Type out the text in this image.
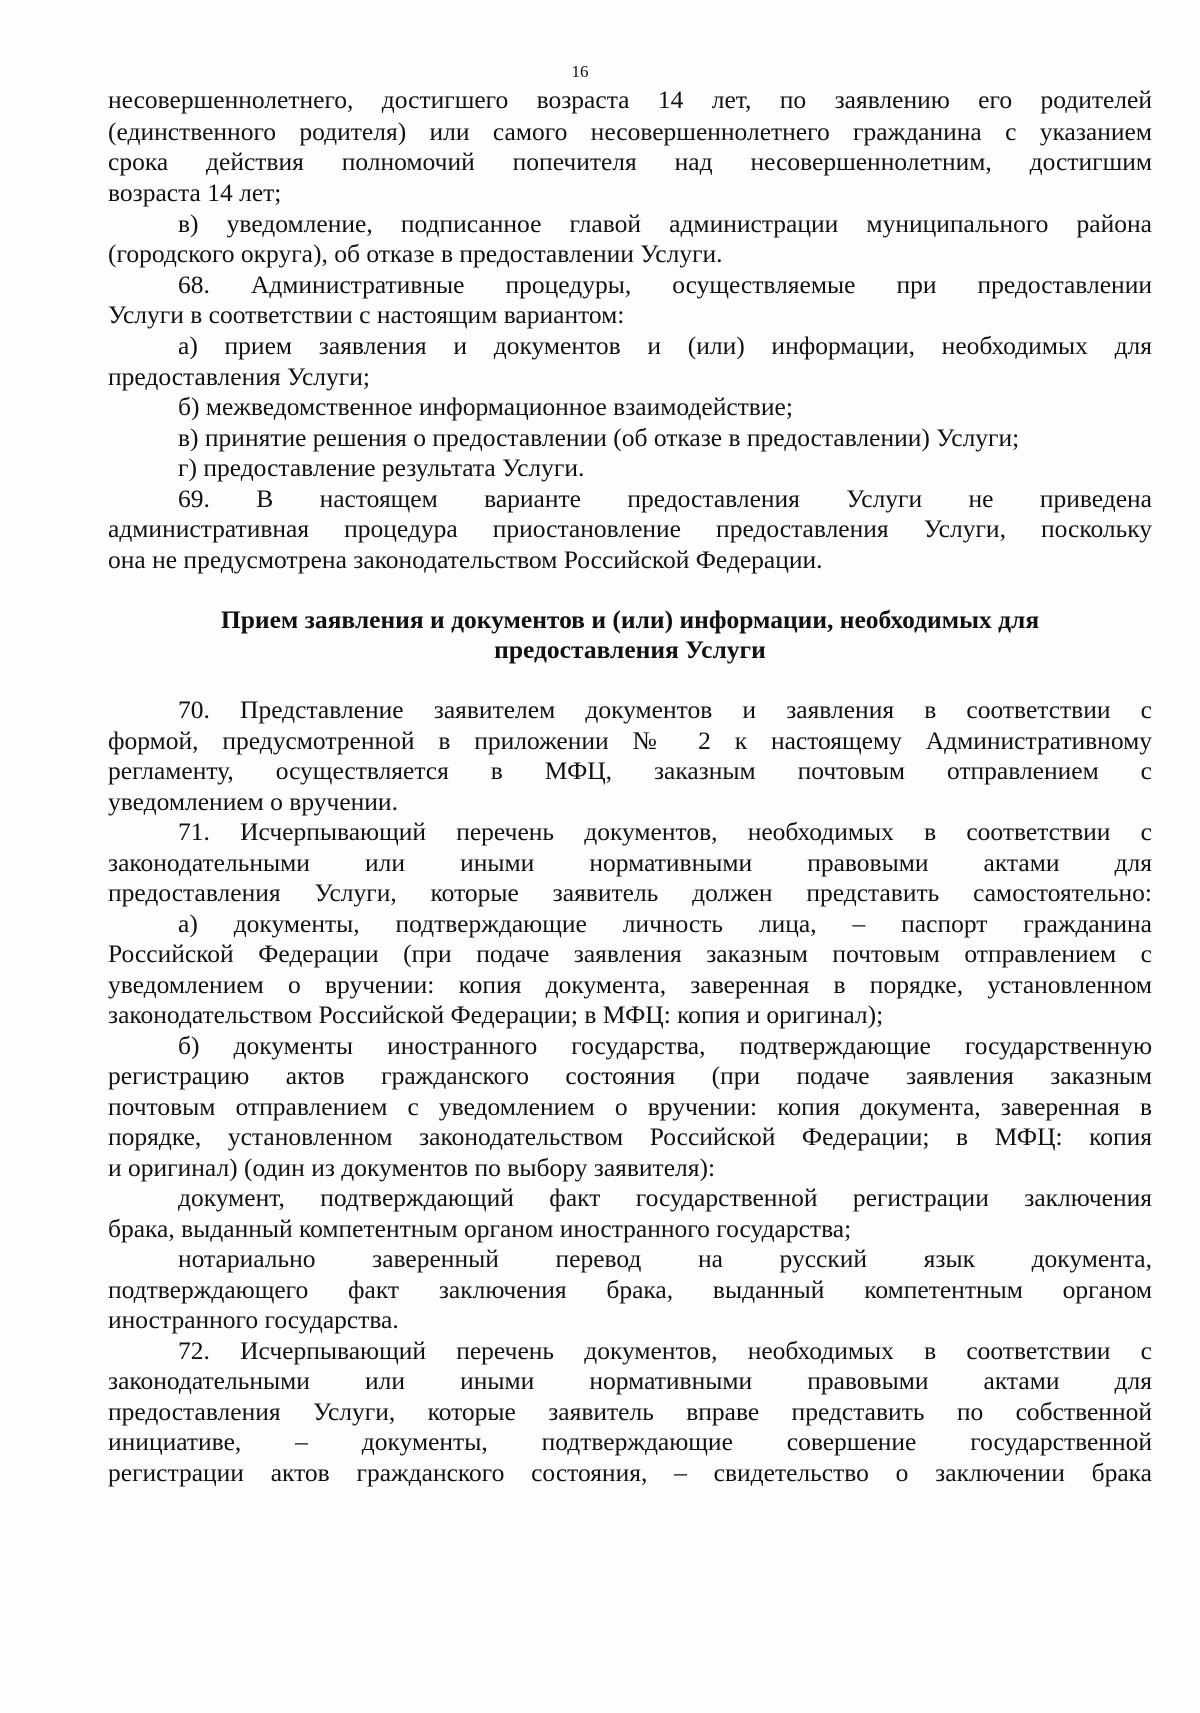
16
несовершеннолетнего, достигшего возраста 14 лет, по заявлению его родителей
(единственного родителя) или самого несовершеннолетнего гражданина с указанием
срока действия полномочий попечителя над несовершеннолетним, достигшим
возраста 14 лет;
в) уведомление, подписанное главой администрации муниципального района
(городского округа), об отказе в предоставлении Услуги.
68. Административные процедуры, осуществляемые при предоставлении
Услуги в соответствии с настоящим вариантом:
а) прием заявления и документов и (или) информации, необходимых для
предоставления Услуги;
б) межведомственное информационное взаимодействие;
в) принятие решения о предоставлении (об отказе в предоставлении) Услуги;
г) предоставление результата Услуги.
69. В настоящем варианте предоставления Услуги не приведена
административная процедура приостановление предоставления Услуги, поскольку
она не предусмотрена законодательством Российской Федерации.
Прием заявления и документов и (или) информации, необходимых для
предоставления Услуги
70. Представление заявителем документов и заявления в соответствии с
формой, предусмотренной в приложении № 2 к настоящему Административному
регламенту, осуществляется в МФЦ, заказным почтовым отправлением с
уведомлением о вручении.
71. Исчерпывающий перечень документов, необходимых в соответствии с
законодательными или иными нормативными правовыми актами для
предоставления Услуги, которые заявитель должен представить самостоятельно:
а) документы, подтверждающие личность лица, – паспорт гражданина
Российской Федерации (при подаче заявления заказным почтовым отправлением с
уведомлением о вручении: копия документа, заверенная в порядке, установленном
законодательством Российской Федерации; в МФЦ: копия и оригинал);
б) документы иностранного государства, подтверждающие государственную
регистрацию актов гражданского состояния (при подаче заявления заказным
почтовым отправлением с уведомлением о вручении: копия документа, заверенная в
порядке, установленном законодательством Российской Федерации; в МФЦ: копия
и оригинал) (один из документов по выбору заявителя):
документ, подтверждающий факт государственной регистрации заключения
брака, выданный компетентным органом иностранного государства;
нотариально заверенный перевод на русский язык документа,
подтверждающего факт заключения брака, выданный компетентным органом
иностранного государства.
72. Исчерпывающий перечень документов, необходимых в соответствии с
законодательными или иными нормативными правовыми актами для
предоставления Услуги, которые заявитель вправе представить по собственной
инициативе, – документы, подтверждающие совершение государственной
регистрации актов гражданского состояния, – свидетельство о заключении брака
